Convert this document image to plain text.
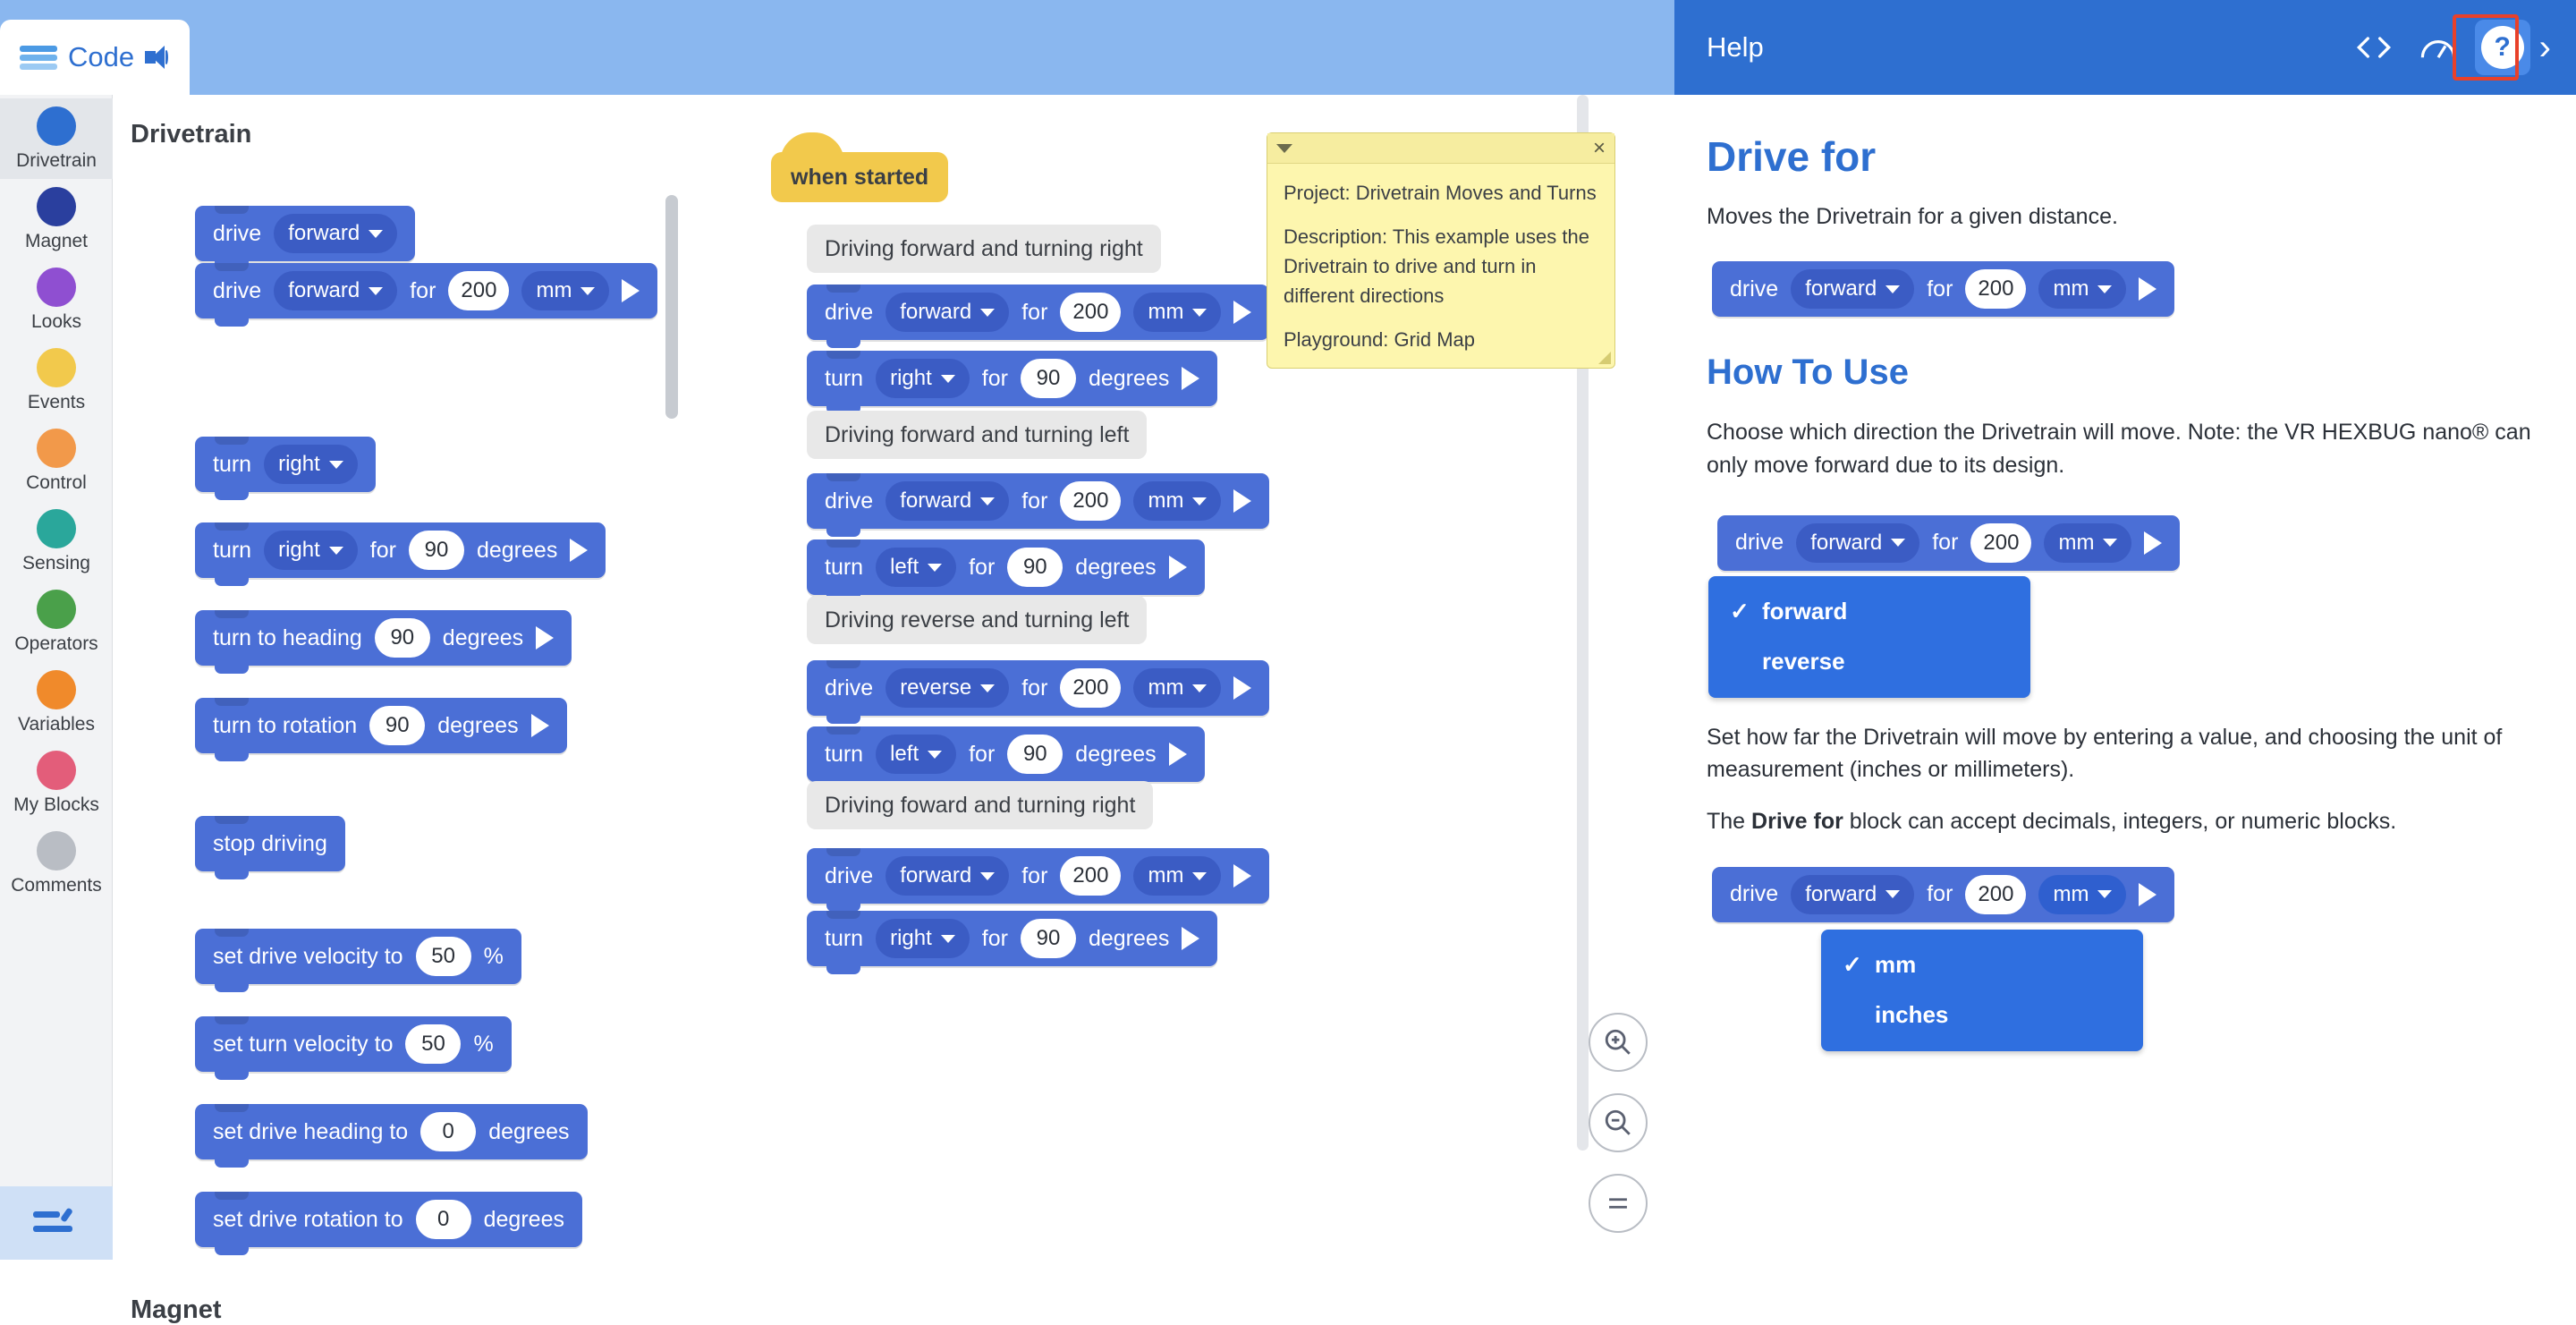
Code
Drivetrain
Magnet
Looks
Events
Control
Sensing
Operators
Variables
My Blocks
Comments
Drivetrain
drive forward
drive forward for	200	mm
turn right
turn right for	90	degrees
turn to heading	90	degrees
turn to rotation	90	degrees
stop driving
set drive velocity to	50	%
set turn velocity to	50	%
set drive heading to	0	degrees
set drive rotation to	0	degrees
Magnet
when started
Driving forward and turning right
drive forward for	200	mm
turn right for	90	degrees
Driving forward and turning left
drive forward for	200	mm
turn left for	90	degrees
Driving reverse and turning left
drive reverse for	200	mm
turn left for	90	degrees
Driving foward and turning right
drive forward for	200	mm
turn right for	90	degrees
×
Project: Drivetrain Moves and Turns
Description: This example uses the Drivetrain to drive and turn in different directions
Playground: Grid Map
Help	? ›
Drive for
Moves the Drivetrain for a given distance.
drive forward for	200	mm
How To Use
Choose which direction the Drivetrain will move. Note: the VR HEXBUG nano® can only move forward due to its design.
drive forward for	200	mm
✓ forward
reverse
Set how far the Drivetrain will move by entering a value, and choosing the unit of measurement (inches or millimeters).
The Drive for block can accept decimals, integers, or numeric blocks.
drive forward for	200	mm
✓ mm
inches
